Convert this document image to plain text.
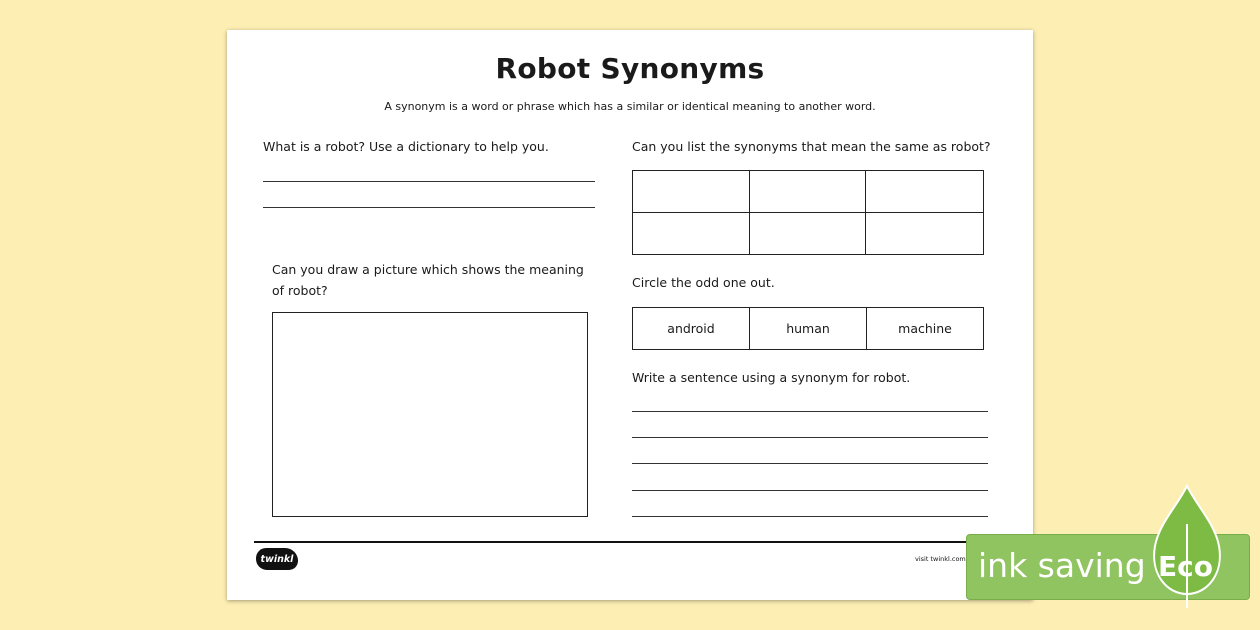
Robot Synonyms
A synonym is a word or phrase which has a similar or identical meaning to another word.
What is a robot? Use a dictionary to help you.
Can you draw a picture which shows the meaning
of robot?
Can you list the synonyms that mean the same as robot?
Circle the odd one out.
android	human	machine
Write a sentence using a synonym for robot.
twinkl	visit twinkl.com ink saving Eco
